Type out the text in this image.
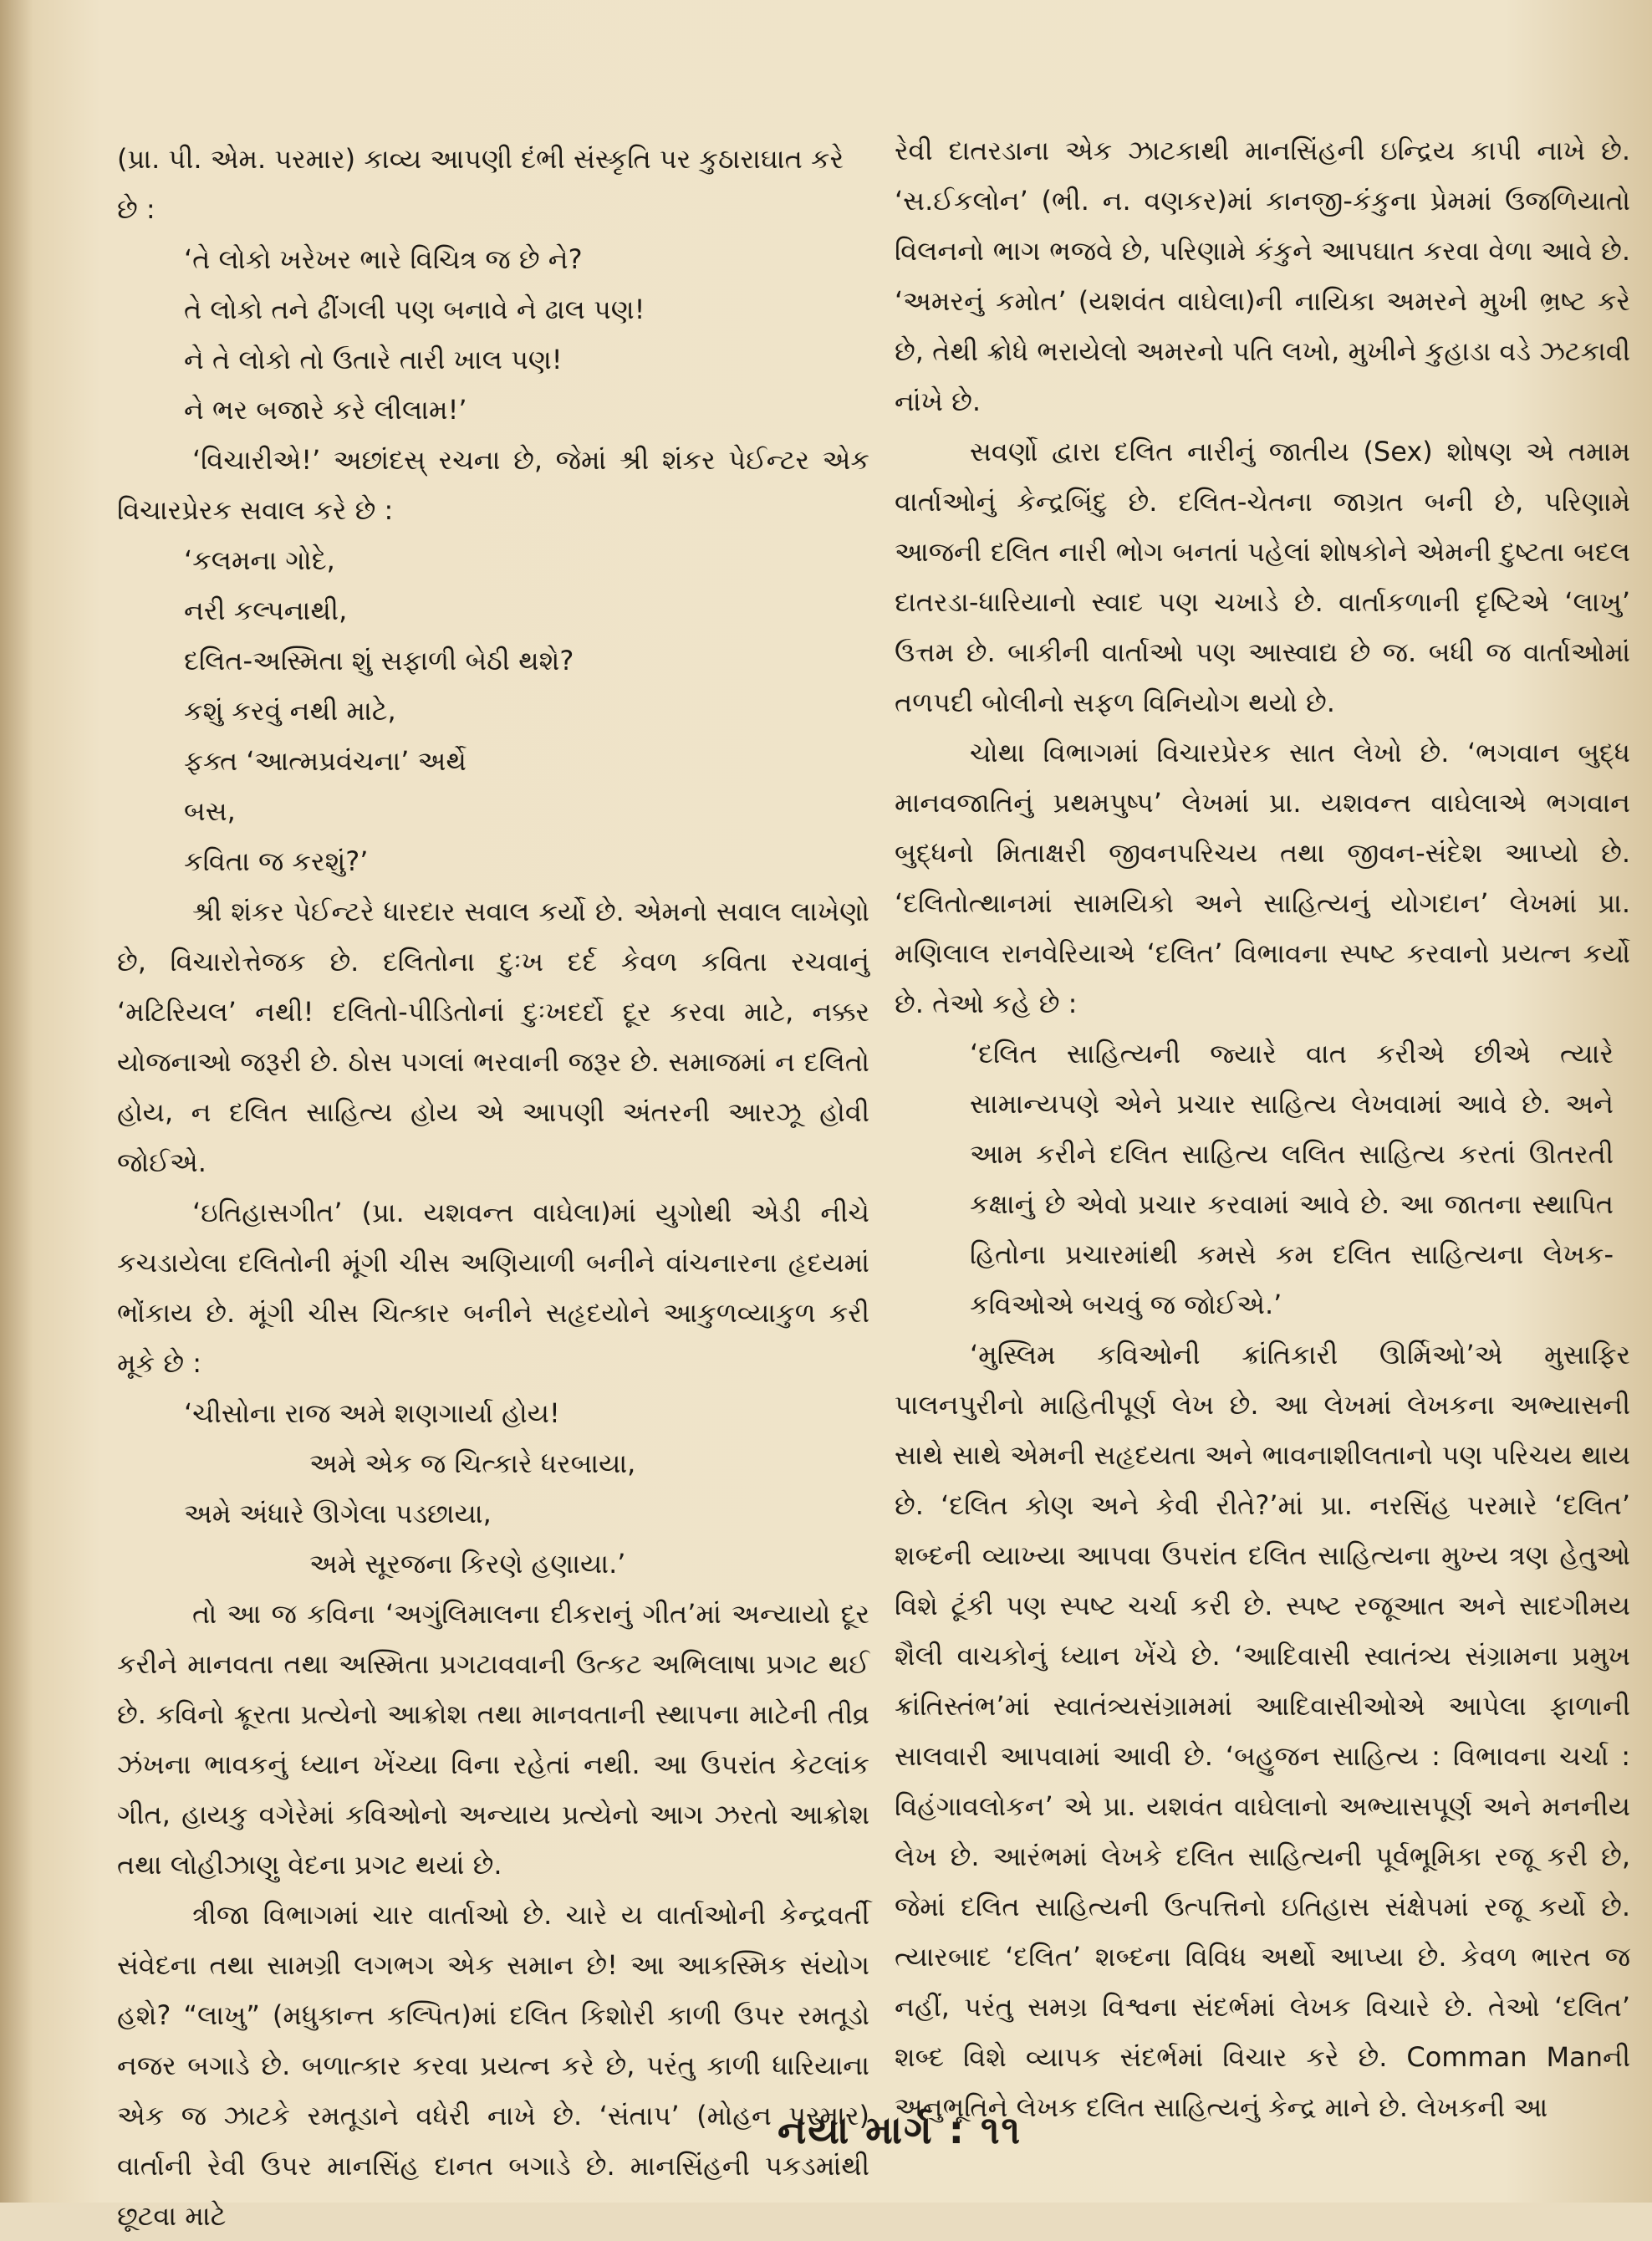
(પ્રા. પી. એમ. પરમાર) કાવ્ય આપણી દંભી સંસ્કૃતિ પર કુઠારાઘાત કરે છે :

‘તે લોકો ખરેખર ભારે વિચિત્ર જ છે ને?
તે લોકો તને ઢીંગલી પણ બનાવે ને ઢાલ પણ!
ને તે લોકો તો ઉતારે તારી ખાલ પણ!
ને ભર બજારે કરે લીલામ!’

‘વિચારીએ!’ અછાંદસ્ રચના છે, જેમાં શ્રી શંકર પેઈન્ટર એક વિચારપ્રેરક સવાલ કરે છે :

‘કલમના ગોદે,
નરી કલ્પનાથી,
દલિત-અસ્મિતા શું સફાળી બેઠી થશે?
કશું કરવું નથી માટે,
ફક્ત ‘આત્મપ્રવંચના’ અર્થે
બસ,
કવિતા જ કરશું?’

શ્રી શંકર પેઈન્ટરે ધારદાર સવાલ કર્યો છે. એમનો સવાલ લાખેણો છે, વિચારોત્તેજક છે. દલિતોના દુઃખ દર્દ કેવળ કવિતા રચવાનું ‘મટિરિયલ’ નથી! દલિતો-પીડિતોનાં દુઃખદર્દો દૂર કરવા માટે, નક્કર યોજનાઓ જરૂરી છે. ઠોસ પગલાં ભરવાની જરૂર છે. સમાજમાં ન દલિતો હોય, ન દલિત સાહિત્ય હોય એ આપણી અંતરની આરઝૂ હોવી જોઈએ.

‘ઇતિહાસગીત’ (પ્રા. યશવન્ત વાઘેલા)માં યુગોથી એડી નીચે કચડાયેલા દલિતોની મૂંગી ચીસ અણિયાળી બનીને વાંચનારના હૃદયમાં ભોંકાય છે. મૂંગી ચીસ ચિત્કાર બનીને સહૃદયોને આકુળવ્યાકુળ કરી મૂકે છે :

‘ચીસોના રાજ અમે શણગાર્યા હોય!
અમે એક જ ચિત્કારે ધરબાયા,
અમે અંધારે ઊગેલા પડછાયા,
અમે સૂરજના કિરણે હણાયા.’

તો આ જ કવિના ‘અગુંલિમાલના દીકરાનું ગીત’માં અન્યાયો દૂર કરીને માનવતા તથા અસ્મિતા પ્રગટાવવાની ઉત્કટ અભિલાષા પ્રગટ થઈ છે. કવિનો ક્રૂરતા પ્રત્યેનો આક્રોશ તથા માનવતાની સ્થાપના માટેની તીવ્ર ઝંખના ભાવકનું ધ્યાન ખેંચ્યા વિના રહેતાં નથી. આ ઉપરાંત કેટલાંક ગીત, હાયકુ વગેરેમાં કવિઓનો અન્યાય પ્રત્યેનો આગ ઝરતો આક્રોશ તથા લોહીઝાણુ વેદના પ્રગટ થયાં છે.

ત્રીજા વિભાગમાં ચાર વાર્તાઓ છે. ચારે ય વાર્તાઓની કેન્દ્રવર્તી સંવેદના તથા સામગ્રી લગભગ એક સમાન છે! આ આકસ્મિક સંયોગ હશે? “લાખુ” (મધુકાન્ત કલ્પિત)માં દલિત કિશોરી કાળી ઉપર રમતૂડો નજર બગાડે છે. બળાત્કાર કરવા પ્રયત્ન કરે છે, પરંતુ કાળી ધારિયાના એક જ ઝાટકે રમતૂડાને વધેરી નાખે છે. ‘સંતાપ’ (મોહન પરમાર) વાર્તાની રેવી ઉપર માનસિંહ દાનત બગાડે છે. માનસિંહની પકડમાંથી છૂટવા માટે

રેવી દાતરડાના એક ઝાટકાથી માનસિંહની ઇન્દ્રિય કાપી નાખે છે. ‘સ.ઈકલોન’ (ભી. ન. વણકર)માં કાનજી-કંકુના પ્રેમમાં ઉજળિયાતો વિલનનો ભાગ ભજવે છે, પરિણામે કંકુને આપઘાત કરવા વેળા આવે છે. ‘અમરનું કમોત’ (યશવંત વાઘેલા)ની નાયિકા અમરને મુખી ભ્રષ્ટ કરે છે, તેથી ક્રોધે ભરાયેલો અમરનો પતિ લખો, મુખીને કુહાડા વડે ઝટકાવી નાંખે છે.

સવર્ણો દ્વારા દલિત નારીનું જાતીય (Sex) શોષણ એ તમામ વાર્તાઓનું કેન્દ્રબિંદુ છે. દલિત-ચેતના જાગ્રત બની છે, પરિણામે આજની દલિત નારી ભોગ બનતાં પહેલાં શોષકોને એમની દુષ્ટતા બદલ દાતરડા-ધારિયાનો સ્વાદ પણ ચખાડે છે. વાર્તાકળાની દૃષ્ટિએ ‘લાખુ’ ઉત્તમ છે. બાકીની વાર્તાઓ પણ આસ્વાદ્ય છે જ. બધી જ વાર્તાઓમાં તળપદી બોલીનો સફળ વિનિયોગ થયો છે.

ચોથા વિભાગમાં વિચારપ્રેરક સાત લેખો છે. ‘ભગવાન બુદ્ધ માનવજાતિનું પ્રથમપુષ્પ’ લેખમાં પ્રા. યશવન્ત વાઘેલાએ ભગવાન બુદ્ધનો મિતાક્ષરી જીવનપરિચય તથા જીવન-સંદેશ આપ્યો છે. ‘દલિતોત્થાનમાં સામયિકો અને સાહિત્યનું યોગદાન’ લેખમાં પ્રા. મણિલાલ રાનવેરિયાએ ‘દલિત’ વિભાવના સ્પષ્ટ કરવાનો પ્રયત્ન કર્યો છે. તેઓ કહે છે :

‘દલિત સાહિત્યની જ્યારે વાત કરીએ છીએ ત્યારે સામાન્યપણે એને પ્રચાર સાહિત્ય લેખવામાં આવે છે. અને આમ કરીને દલિત સાહિત્ય લલિત સાહિત્ય કરતાં ઊતરતી કક્ષાનું છે એવો પ્રચાર કરવામાં આવે છે. આ જાતના સ્થાપિત હિતોના પ્રચારમાંથી કમસે કમ દલિત સાહિત્યના લેખક-કવિઓએ બચવું જ જોઈએ.’

‘મુસ્લિમ કવિઓની ક્રાંતિકારી ઊર્મિઓ’એ મુસાફિર પાલનપુરીનો માહિતીપૂર્ણ લેખ છે. આ લેખમાં લેખકના અભ્યાસની સાથે સાથે એમની સહૃદયતા અને ભાવનાશીલતાનો પણ પરિચય થાય છે. ‘દલિત કોણ અને કેવી રીતે?’માં પ્રા. નરસિંહ પરમારે ‘દલિત’ શબ્દની વ્યાખ્યા આપવા ઉપરાંત દલિત સાહિત્યના મુખ્ય ત્રણ હેતુઓ વિશે ટૂંકી પણ સ્પષ્ટ ચર્ચા કરી છે. સ્પષ્ટ રજૂઆત અને સાદગીમય શૈલી વાચકોનું ધ્યાન ખેંચે છે. ‘આદિવાસી સ્વાતંત્ર્ય સંગ્રામના પ્રમુખ ક્રાંતિસ્તંભ’માં સ્વાતંત્ર્યસંગ્રામમાં આદિવાસીઓએ આપેલા ફાળાની સાલવારી આપવામાં આવી છે. ‘બહુજન સાહિત્ય : વિભાવના ચર્ચા : વિહંગાવલોકન’ એ પ્રા. યશવંત વાઘેલાનો અભ્યાસપૂર્ણ અને મનનીય લેખ છે. આરંભમાં લેખકે દલિત સાહિત્યની પૂર્વભૂમિકા રજૂ કરી છે, જેમાં દલિત સાહિત્યની ઉત્પત્તિનો ઇતિહાસ સંક્ષેપમાં રજૂ કર્યો છે. ત્યારબાદ ‘દલિત’ શબ્દના વિવિધ અર્થો આપ્યા છે. કેવળ ભારત જ નહીં, પરંતુ સમગ્ર વિશ્વના સંદર્ભમાં લેખક વિચારે છે. તેઓ ‘દલિત’ શબ્દ વિશે વ્યાપક સંદર્ભમાં વિચાર કરે છે. Comman Manની અનુભૂતિને લેખક દલિત સાહિત્યનું કેન્દ્ર માને છે. લેખકની આ

નયા માર્ગ : ૧૧
